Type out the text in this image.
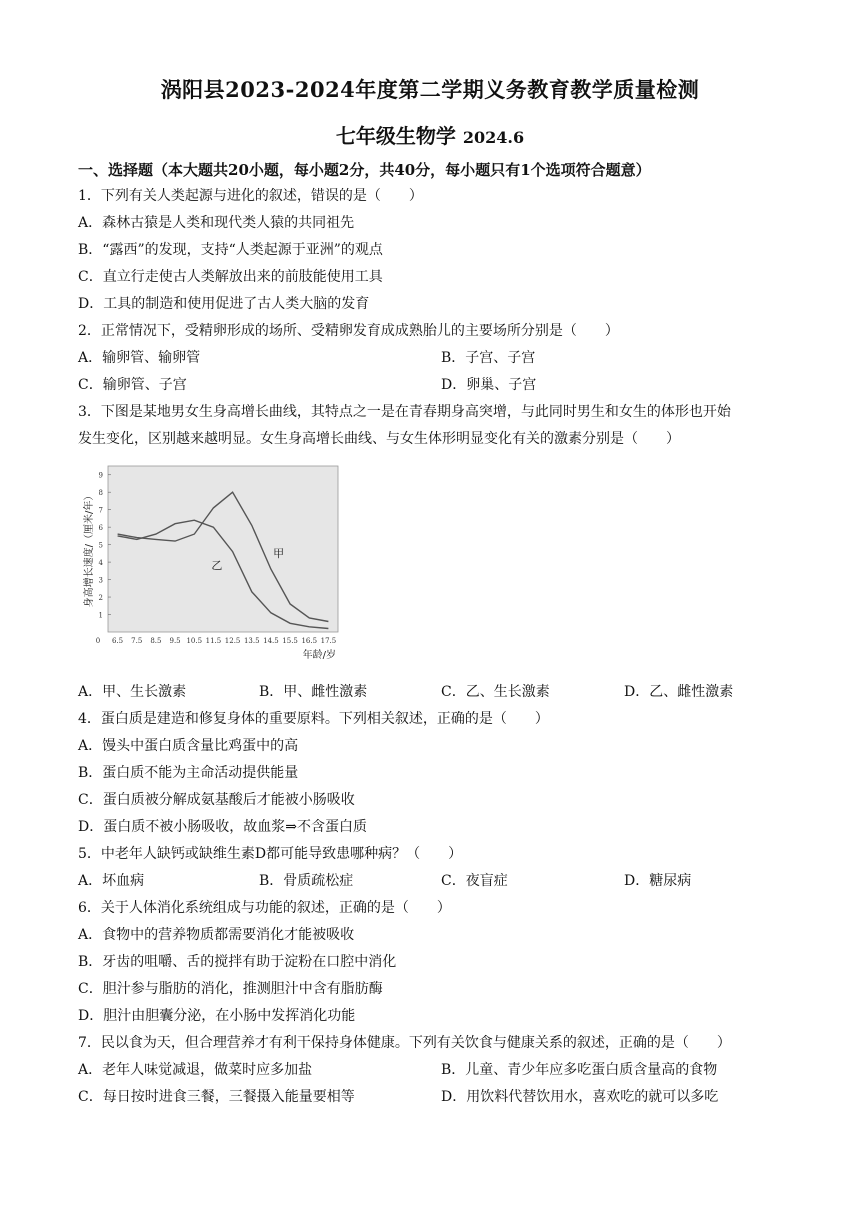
涡阳县2023-2024年度第二学期义务教育教学质量检测
七年级生物学 2024.6
一、选择题（本大题共20小题，每小题2分，共40分，每小题只有1个选项符合题意）
1．下列有关人类起源与进化的叙述，错误的是（　　）
A．森林古猿是人类和现代类人猿的共同祖先
B．“露西”的发现，支持“人类起源于亚洲”的观点
C．直立行走使古人类解放出来的前肢能使用工具
D．工具的制造和使用促进了古人类大脑的发育
2．正常情况下，受精卵形成的场所、受精卵发育成成熟胎儿的主要场所分别是（　　）
A．输卵管、输卵管	B．子宫、子宫
C．输卵管、子宫	D．卵巢、子宫
3．下图是某地男女生身高增长曲线，其特点之一是在青春期身高突增，与此同时男生和女生的体形也开始
发生变化，区别越来越明显。女生身高增长曲线、与女生体形明显变化有关的激素分别是（　　）
1
2
3
4
5
6
7
8
9
0 6.5 7.5 8.5 9.5 10.5 11.5 12.5 13.5 14.5 15.5 16.5 17.5
甲
乙
身高增长速度/（厘米/年）
年龄/岁
A．甲、生长激素	B．甲、雌性激素	C．乙、生长激素	D．乙、雌性激素
4．蛋白质是建造和修复身体的重要原料。下列相关叙述，正确的是（　　）
A．馒头中蛋白质含量比鸡蛋中的高
B．蛋白质不能为主命活动提供能量
C．蛋白质被分解成氨基酸后才能被小肠吸收
D．蛋白质不被小肠吸收，故血浆⇒不含蛋白质
5．中老年人缺钙或缺维生素D都可能导致患哪种病？（　　）
A．坏血病	B．骨质疏松症	C．夜盲症	D．糖尿病
6．关于人体消化系统组成与功能的叙述，正确的是（　　）
A．食物中的营养物质都需要消化才能被吸收
B．牙齿的咀嚼、舌的搅拌有助于淀粉在口腔中消化
C．胆汁参与脂肪的消化，推测胆汁中含有脂肪酶
D．胆汁由胆囊分泌，在小肠中发挥消化功能
7．民以食为天，但合理营养才有利干保持身体健康。下列有关饮食与健康关系的叙述，正确的是（　　）
A．老年人味觉减退，做菜时应多加盐	B．儿童、青少年应多吃蛋白质含量高的食物
C．每日按时进食三餐，三餐摄入能量要相等	D．用饮料代替饮用水，喜欢吃的就可以多吃
